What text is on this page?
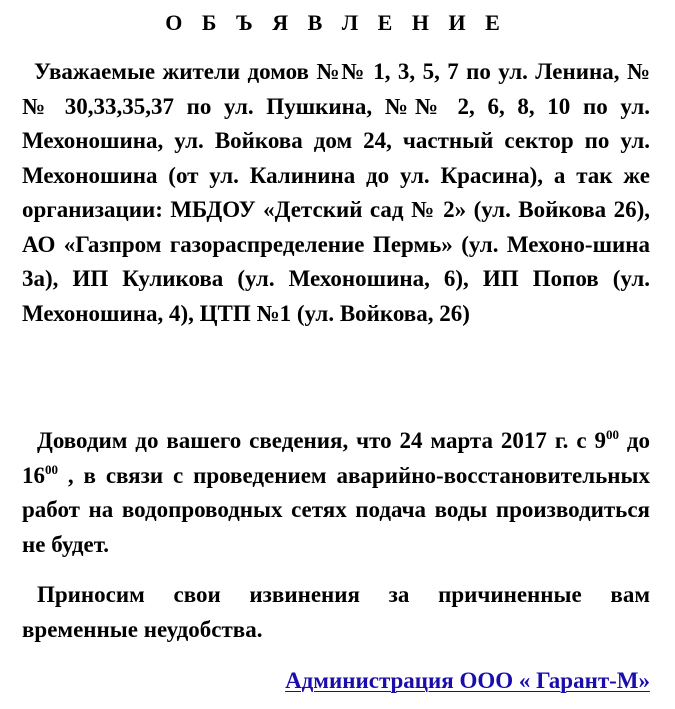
О Б Ъ Я В Л Е Н И Е
Уважаемые жители домов №№ 1, 3, 5, 7 по ул. Ленина, №№ 30,33,35,37 по ул. Пушкина, №№ 2, 6, 8, 10 по ул. Мехоношина, ул. Войкова дом 24, частный сектор по ул. Мехоношина (от ул. Калинина до ул. Красина), а так же организации: МБДОУ «Детский сад № 2» (ул. Войкова 26), АО «Газпром газораспределение Пермь» (ул. Мехоно-шина 3а), ИП Куликова (ул. Мехоношина, 6), ИП Попов (ул. Мехоношина, 4), ЦТП №1 (ул. Войкова, 26)
Доводим до вашего сведения, что 24 марта 2017 г. с $9^{00}$ до $16^{00}$ , в связи с проведением аварийно-восстановительных работ на водопроводных сетях подача воды производиться не будет.
Приносим свои извинения за причиненные вам временные неудобства.
Администрация ООО « Гарант-М»
